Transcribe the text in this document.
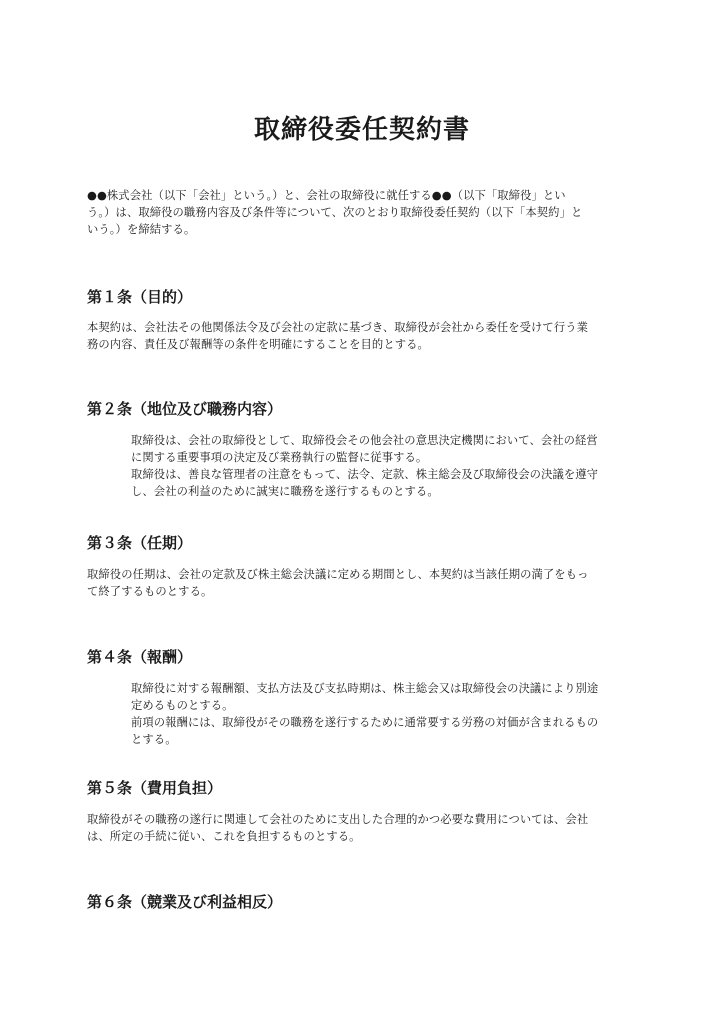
取締役委任契約書
●●株式会社（以下「会社」という。）と、会社の取締役に就任する●●（以下「取締役」とい
う。）は、取締役の職務内容及び条件等について、次のとおり取締役委任契約（以下「本契約」と
いう。）を締結する。
第１条（目的）
本契約は、会社法その他関係法令及び会社の定款に基づき、取締役が会社から委任を受けて行う業
務の内容、責任及び報酬等の条件を明確にすることを目的とする。
第２条（地位及び職務内容）
取締役は、会社の取締役として、取締役会その他会社の意思決定機関において、会社の経営
に関する重要事項の決定及び業務執行の監督に従事する。
取締役は、善良な管理者の注意をもって、法令、定款、株主総会及び取締役会の決議を遵守
し、会社の利益のために誠実に職務を遂行するものとする。
第３条（任期）
取締役の任期は、会社の定款及び株主総会決議に定める期間とし、本契約は当該任期の満了をもっ
て終了するものとする。
第４条（報酬）
取締役に対する報酬額、支払方法及び支払時期は、株主総会又は取締役会の決議により別途
定めるものとする。
前項の報酬には、取締役がその職務を遂行するために通常要する労務の対価が含まれるもの
とする。
第５条（費用負担）
取締役がその職務の遂行に関連して会社のために支出した合理的かつ必要な費用については、会社
は、所定の手続に従い、これを負担するものとする。
第６条（競業及び利益相反）
